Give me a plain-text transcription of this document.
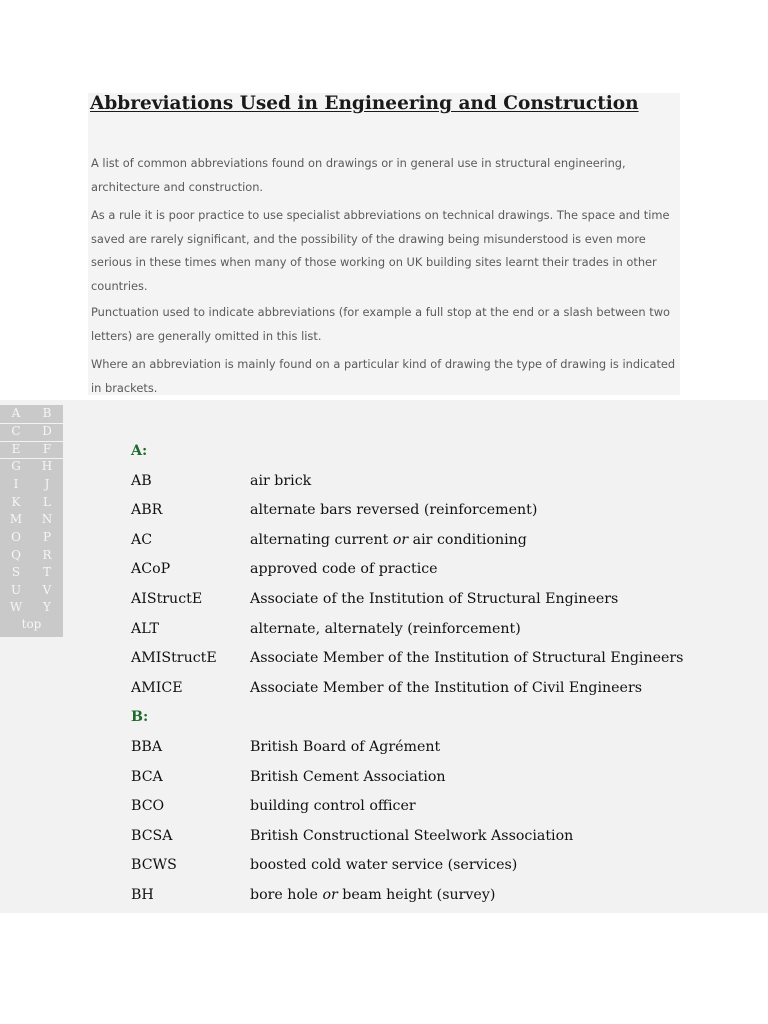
Abbreviations Used in Engineering and Construction

A list of common abbreviations found on drawings or in general use in structural engineering, architecture and construction.

As a rule it is poor practice to use specialist abbreviations on technical drawings. The space and time saved are rarely significant, and the possibility of the drawing being misunderstood is even more serious in these times when many of those working on UK building sites learnt their trades in other countries.

Punctuation used to indicate abbreviations (for example a full stop at the end or a slash between two letters) are generally omitted in this list.

Where an abbreviation is mainly found on a particular kind of drawing the type of drawing is indicated in brackets.

A	B
C	D
E	F
G	H
I	J
K	L
M	N
O	P
Q	R
S	T
U	V
W	Y
top
A:
AB	air brick
ABR	alternate bars reversed (reinforcement)
AC	alternating current or air conditioning
ACoP	approved code of practice
AIStructE	Associate of the Institution of Structural Engineers
ALT	alternate, alternately (reinforcement)
AMIStructE Associate Member of the Institution of Structural Engineers
AMICE	Associate Member of the Institution of Civil Engineers
B:
BBA	British Board of Agrément
BCA	British Cement Association
BCO	building control officer
BCSA	British Constructional Steelwork Association
BCWS	boosted cold water service (services)
BH	bore hole or beam height (survey)
